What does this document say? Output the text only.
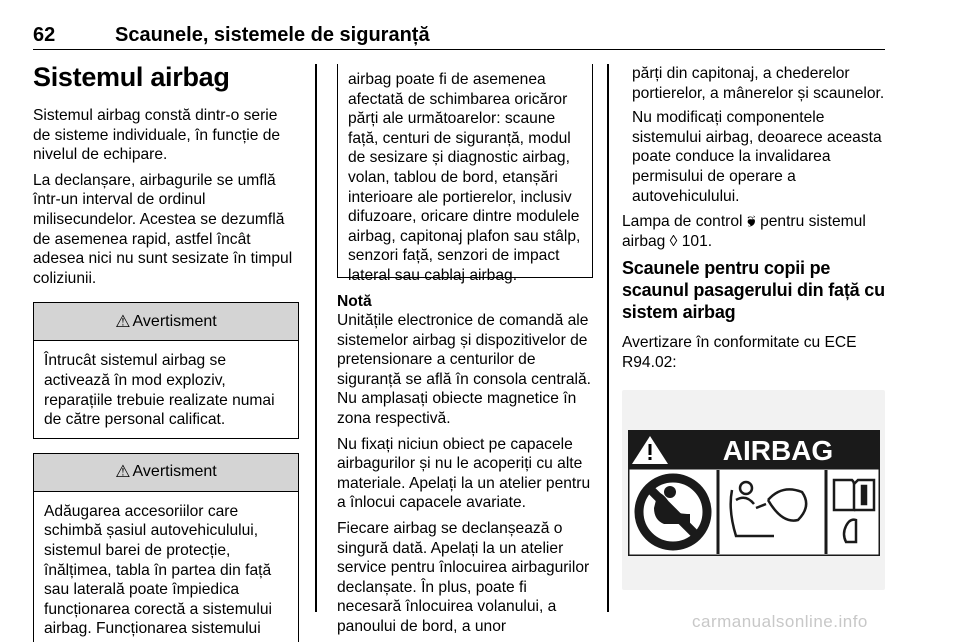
62	Scaunele, sistemele de siguranță
Sistemul airbag
Sistemul airbag constă dintr-o serie de sisteme individuale, în funcție de nivelul de echipare.
La declanșare, airbagurile se umflă într-un interval de ordinul milisecundelor. Acestea se dezumflă de asemenea rapid, astfel încât adesea nici nu sunt sesizate în timpul coliziunii.
⚠ Avertisment
Întrucât sistemul airbag se activează în mod exploziv, reparațiile trebuie realizate numai de către personal calificat.
⚠ Avertisment
Adăugarea accesoriilor care schimbă șasiul autovehiculului, sistemul barei de protecție, înălțimea, tabla în partea din față sau laterală poate împiedica funcționarea corectă a sistemului airbag. Funcționarea sistemului
airbag poate fi de asemenea afectată de schimbarea oricăror părți ale următoarelor: scaune față, centuri de siguranță, modul de sesizare și diagnostic airbag, volan, tablou de bord, etanșări interioare ale portierelor, inclusiv difuzoare, oricare dintre modulele airbag, capitonaj plafon sau stâlp, senzori față, senzori de impact lateral sau cablaj airbag.
Notă
Unitățile electronice de comandă ale sistemelor airbag și dispozitivelor de pretensionare a centurilor de siguranță se află în consola centrală. Nu amplasați obiecte magnetice în zona respectivă.
Nu fixați niciun obiect pe capacele airbagurilor și nu le acoperiți cu alte materiale. Apelați la un atelier pentru a înlocui capacele avariate.
Fiecare airbag se declanșează o singură dată. Apelați la un atelier service pentru înlocuirea airbagurilor declanșate. În plus, poate fi necesară înlocuirea volanului, a panoului de bord, a unor
părți din capitonaj, a chederelor portierelor, a mânerelor și scaunelor.
Nu modificați componentele sistemului airbag, deoarece aceasta poate conduce la invalidarea permisului de operare a autovehiculului.
Lampa de control 🙘 pentru sistemul airbag ◊ 101.
Scaunele pentru copii pe scaunul pasagerului din față cu sistem airbag
Avertizare în conformitate cu ECE R94.02:
AIRBAG
carmanualsonline.info
